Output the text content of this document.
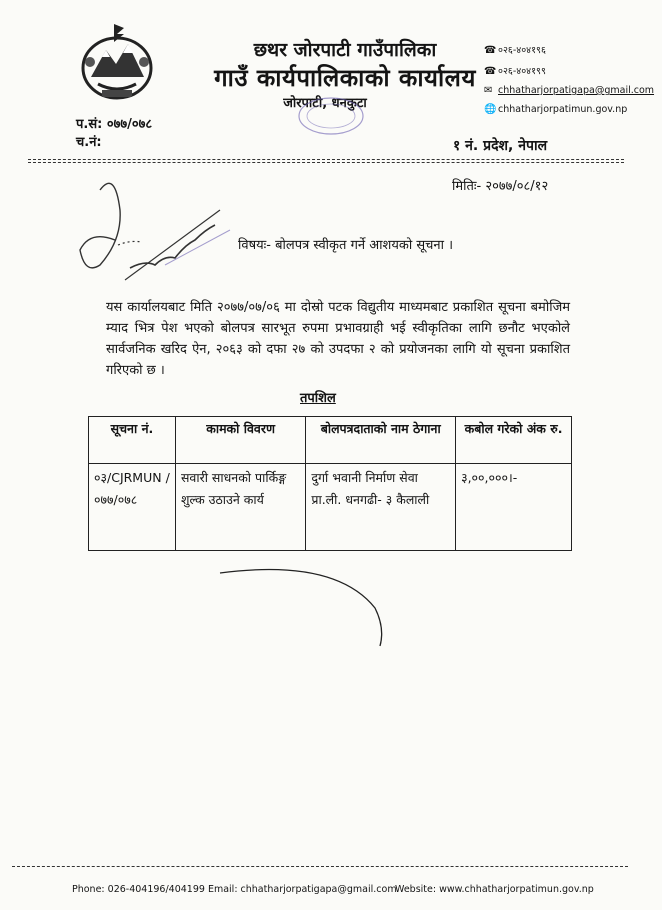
छथर जोरपाटी गाउँपालिका
गाउँ कार्यपालिकाको कार्यालय
जोरपाटी, धनकुटा
☎ ०२६-४०४१९६
☎ ०२६-४०४१९९
✉ chhatharjorpatigapa@gmail.com
🌐 chhatharjorpatimun.gov.np
प.सं: ०७७/०७८
च.नं:	१ नं. प्रदेश, नेपाल
मितिः- २०७७/०८/१२
विषयः- बोलपत्र स्वीकृत गर्ने आशयको सूचना ।
यस कार्यालयबाट मिति २०७७/०७/०६ मा दोस्रो पटक विद्युतीय माध्यमबाट प्रकाशित सूचना बमोजिम म्याद भित्र पेश भएको बोलपत्र सारभूत रुपमा प्रभावग्राही भई स्वीकृतिका लागि छनौट भएकोले सार्वजनिक खरिद ऐन, २०६३ को दफा २७ को उपदफा २ को प्रयोजनका लागि यो सूचना प्रकाशित गरिएको छ ।
तपशिल
सूचना नं.	कामको विवरण	बोलपत्रदाताको नाम ठेगाना	कबोल गरेको अंक रु.
०३/CJRMUN /०७७/०७८	सवारी साधनको पार्किङ्ग शुल्क उठाउने कार्य	दुर्गा भवानी निर्माण सेवा प्रा.ली. धनगढी- ३ कैलाली	३,००,०००।-
Phone: 026-404196/404199 Email: chhatharjorpatigapa@gmail.com
Website: www.chhatharjorpatimun.gov.np
